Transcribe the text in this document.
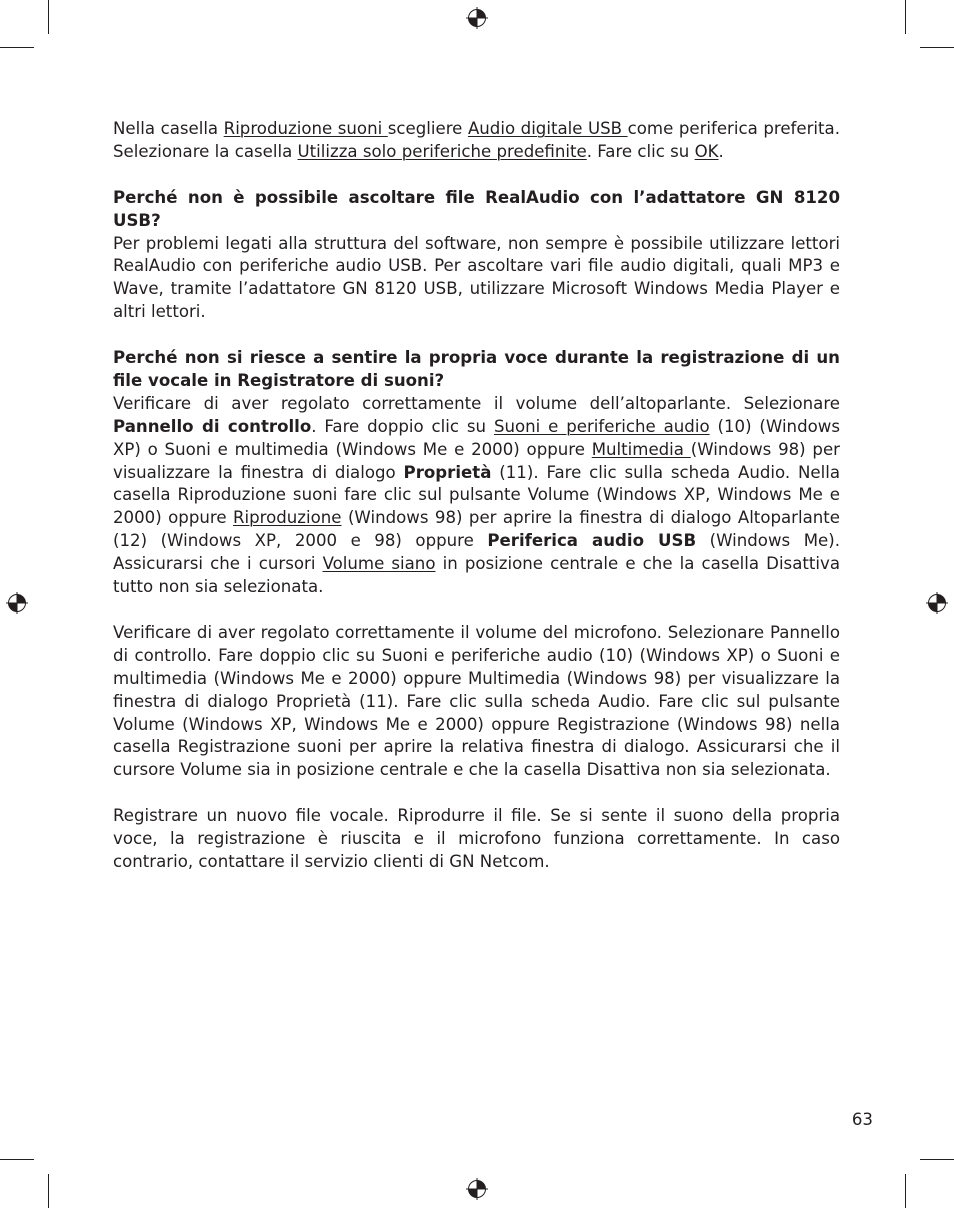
Nella casella Riproduzione suoni scegliere Audio digitale USB come periferica preferita. Selezionare la casella Utilizza solo periferiche predefinite. Fare clic su OK.

Perché non è possibile ascoltare file RealAudio con l’adattatore GN 8120 USB?

Per problemi legati alla struttura del software, non sempre è possibile utilizzare lettori RealAudio con periferiche audio USB. Per ascoltare vari file audio digitali, quali MP3 e Wave, tramite l’adattatore GN 8120 USB, utilizzare Microsoft Windows Media Player e altri lettori.

Perché non si riesce a sentire la propria voce durante la registrazione di un file vocale in Registratore di suoni?

Verificare di aver regolato correttamente il volume dell’altoparlante. Selezionare Pannello di controllo. Fare doppio clic su Suoni e periferiche audio (10) (Windows XP) o Suoni e multimedia (Windows Me e 2000) oppure Multimedia (Windows 98) per visualizzare la finestra di dialogo Proprietà (11). Fare clic sulla scheda Audio. Nella casella Riproduzione suoni fare clic sul pulsante Volume (Windows XP, Windows Me e 2000) oppure Riproduzione (Windows 98) per aprire la finestra di dialogo Altoparlante (12) (Windows XP, 2000 e 98) oppure Periferica audio USB (Windows Me). Assicurarsi che i cursori Volume siano in posizione centrale e che la casella Disattiva tutto non sia selezionata.

Verificare di aver regolato correttamente il volume del microfono. Selezionare Pannello di controllo. Fare doppio clic su Suoni e periferiche audio (10) (Windows XP) o Suoni e multimedia (Windows Me e 2000) oppure Multimedia (Windows 98) per visualizzare la finestra di dialogo Proprietà (11). Fare clic sulla scheda Audio. Fare clic sul pulsante Volume (Windows XP, Windows Me e 2000) oppure Registrazione (Windows 98) nella casella Registrazione suoni per aprire la relativa finestra di dialogo. Assicurarsi che il cursore Volume sia in posizione centrale e che la casella Disattiva non sia selezionata.

Registrare un nuovo file vocale. Riprodurre il file. Se si sente il suono della propria voce, la registrazione è riuscita e il microfono funziona correttamente. In caso contrario, contattare il servizio clienti di GN Netcom.

63
